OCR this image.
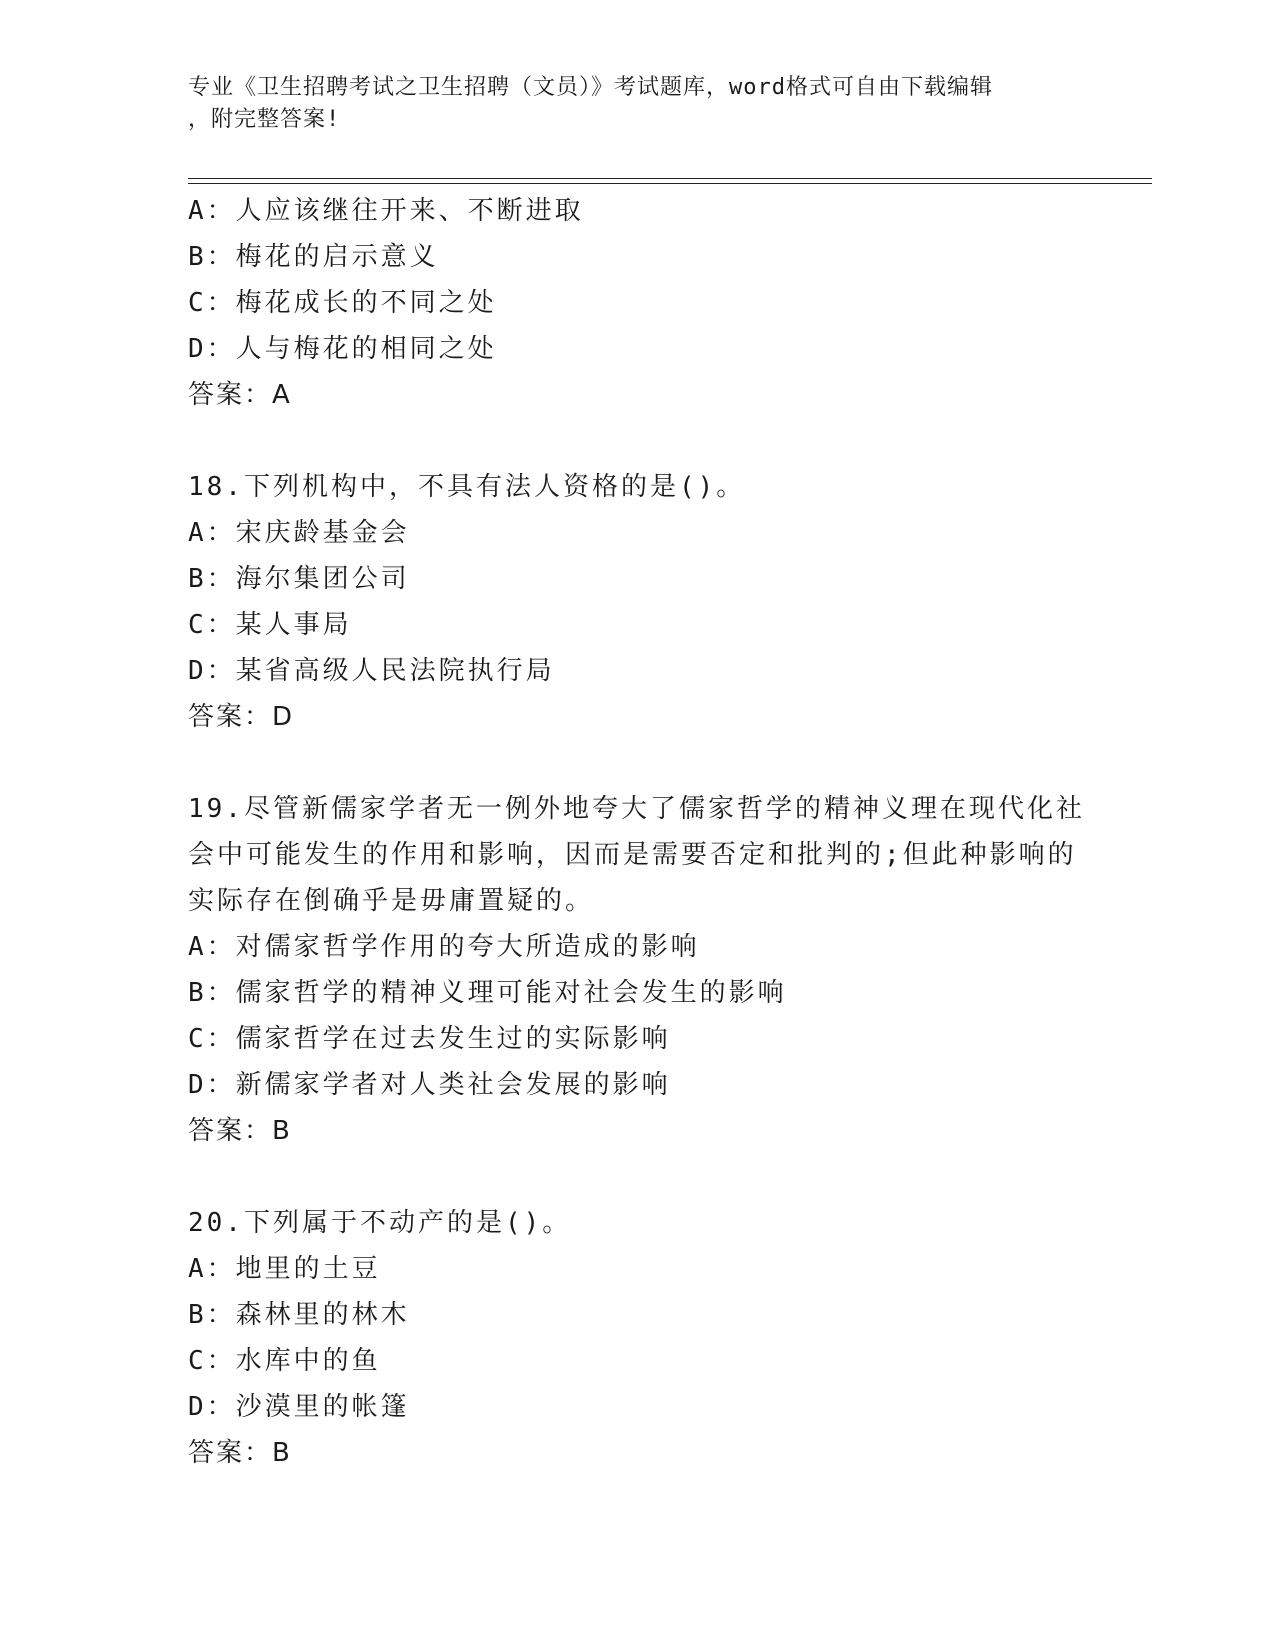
专业《卫生招聘考试之卫生招聘（文员）》考试题库，word格式可自由下载编辑
，附完整答案!
A：人应该继往开来、不断进取
B：梅花的启示意义
C：梅花成长的不同之处
D：人与梅花的相同之处
答案：A
18.下列机构中，不具有法人资格的是()。
A：宋庆龄基金会
B：海尔集团公司
C：某人事局
D：某省高级人民法院执行局
答案：D
19.尽管新儒家学者无一例外地夸大了儒家哲学的精神义理在现代化社
会中可能发生的作用和影响，因而是需要否定和批判的;但此种影响的
实际存在倒确乎是毋庸置疑的。
A：对儒家哲学作用的夸大所造成的影响
B：儒家哲学的精神义理可能对社会发生的影响
C：儒家哲学在过去发生过的实际影响
D：新儒家学者对人类社会发展的影响
答案：B
20.下列属于不动产的是()。
A：地里的土豆
B：森林里的林木
C：水库中的鱼
D：沙漠里的帐篷
答案：B
